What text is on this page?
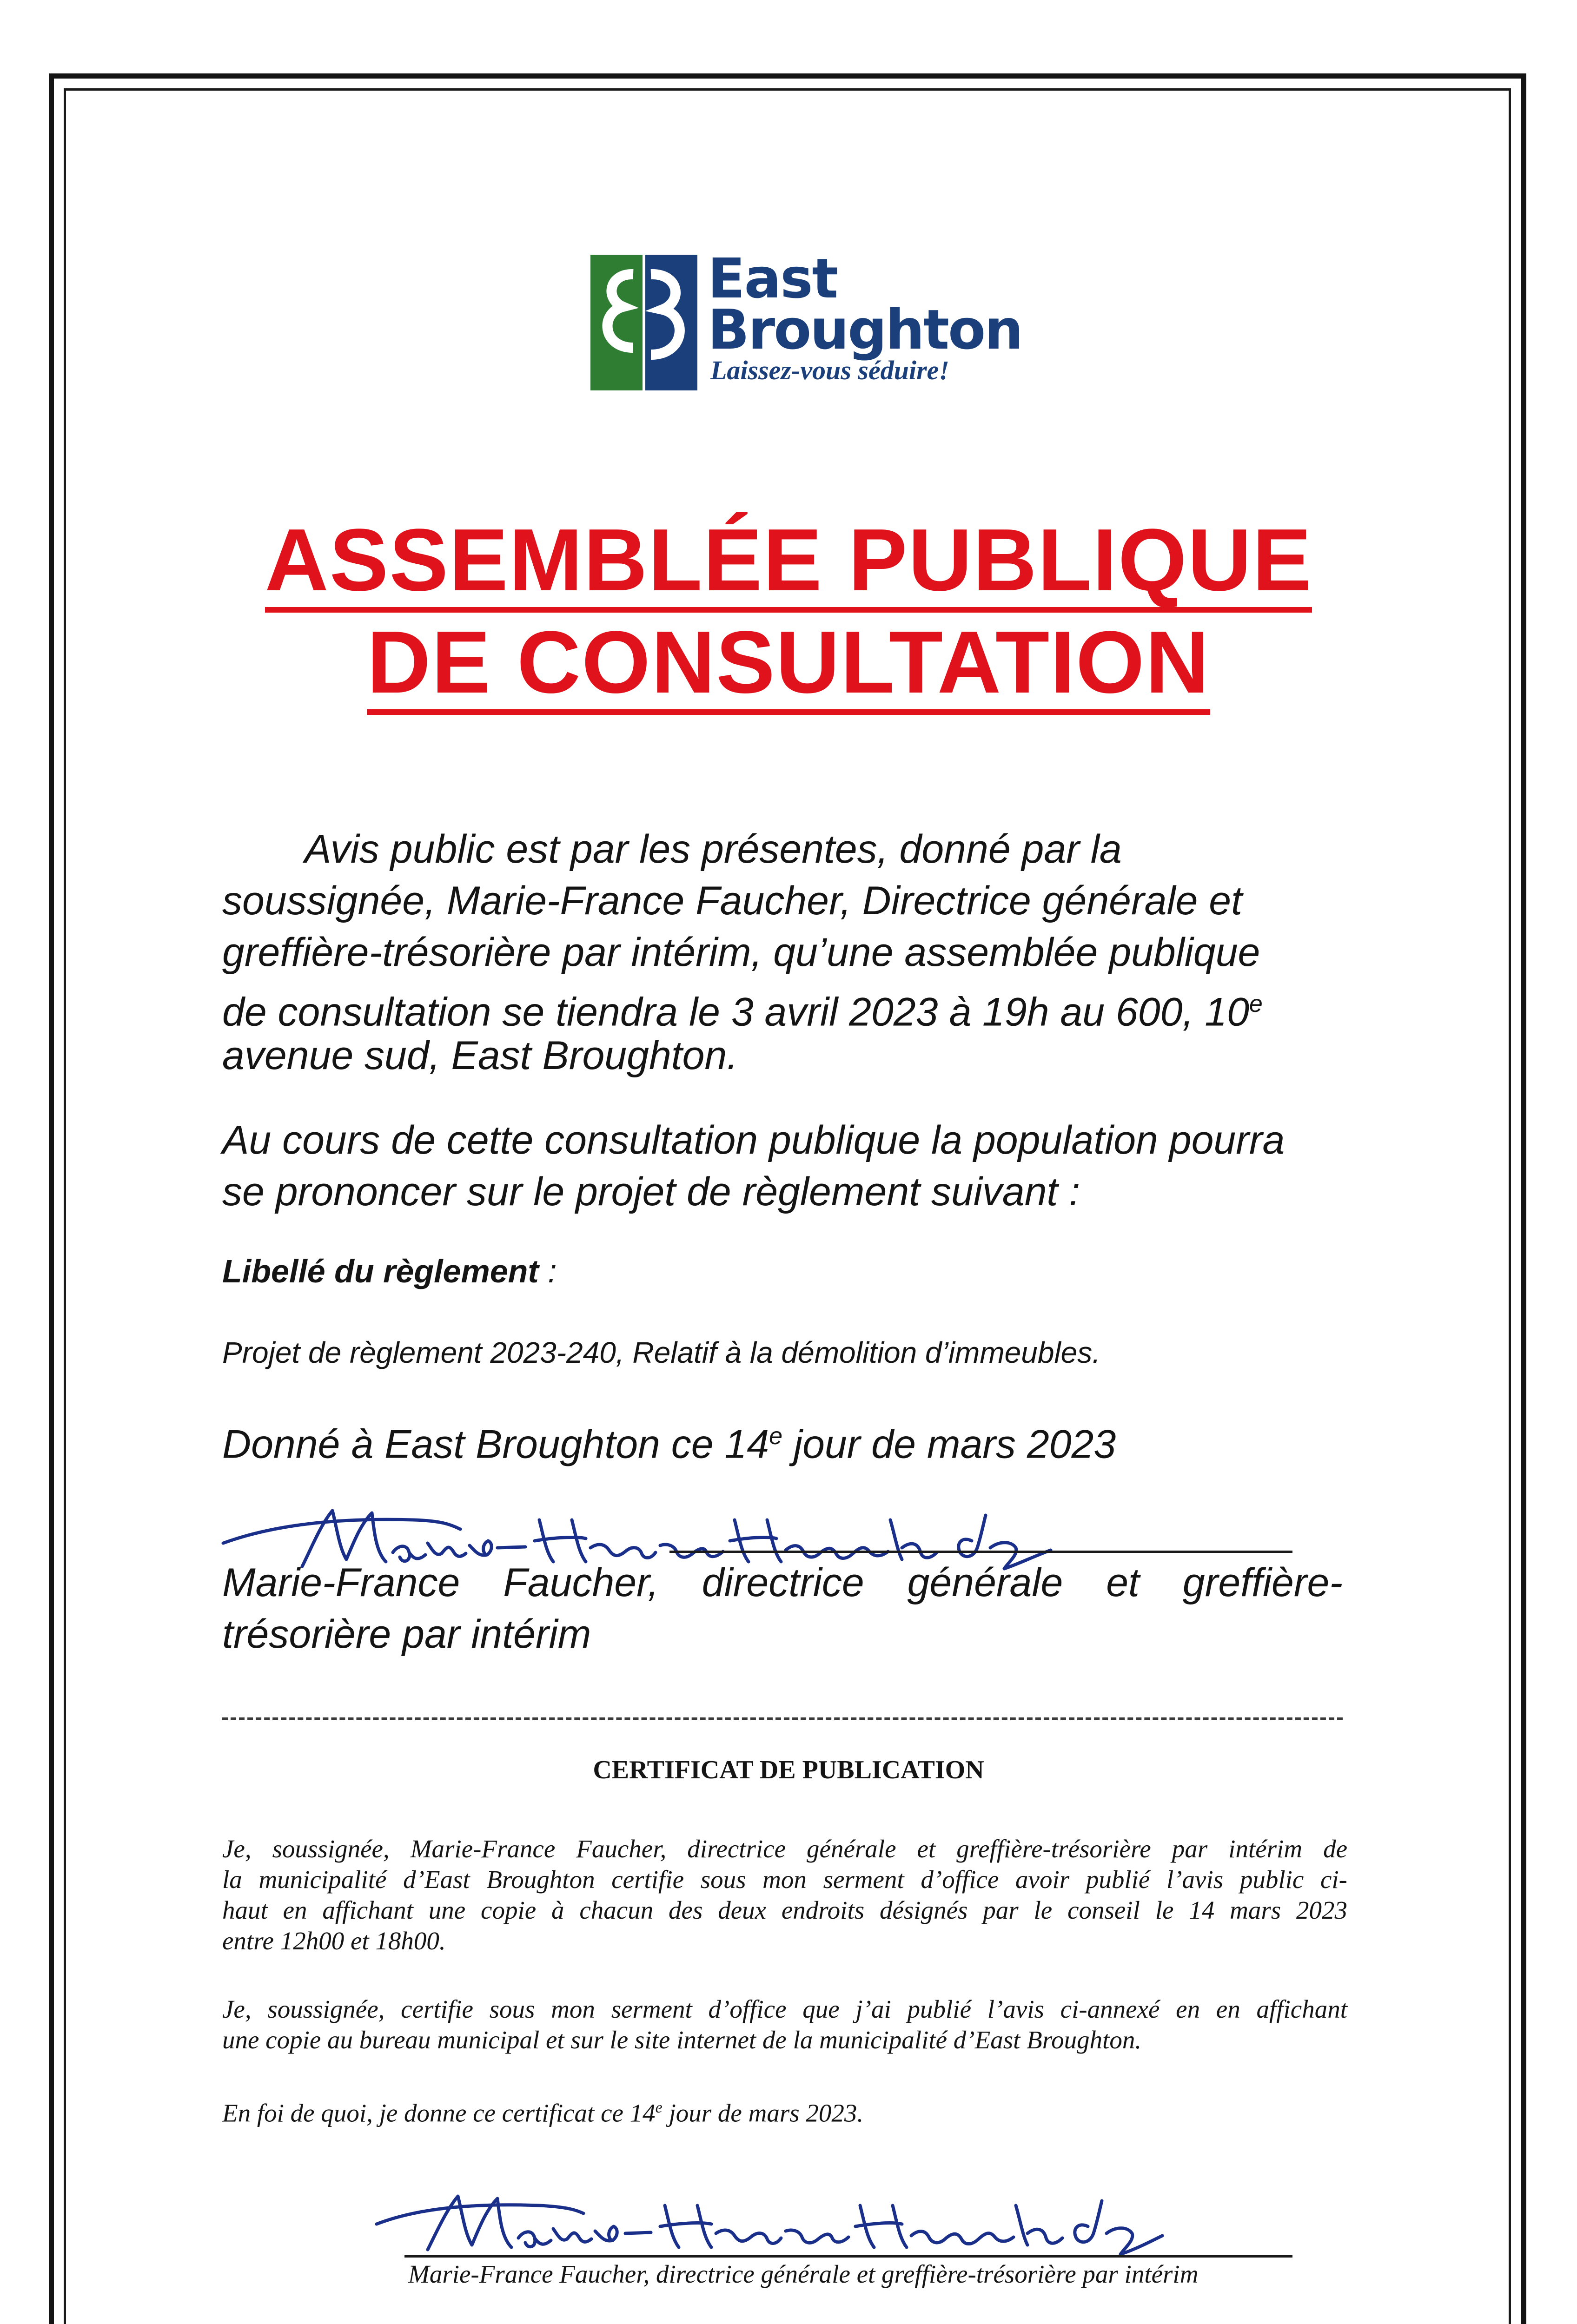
East
Broughton
Laissez-vous séduire!
ASSEMBLÉE PUBLIQUE
DE CONSULTATION
Avis public est par les présentes, donné par la
soussignée, Marie-France Faucher, Directrice générale et
greffière-trésorière par intérim, qu’une assemblée publique
de consultation se tiendra le 3 avril 2023 à 19h au 600, 10e
avenue sud, East Broughton.
Au cours de cette consultation publique la population pourra
se prononcer sur le projet de règlement suivant :
Libellé du règlement :
Projet de règlement 2023-240, Relatif à la démolition d’immeubles.
Donné à East Broughton ce 14e jour de mars 2023
Marie-France Faucher, directrice générale et greffière-
trésorière par intérim
CERTIFICAT DE PUBLICATION
Je, soussignée, Marie-France Faucher, directrice générale et greffière-trésorière par intérim de
la municipalité d’East Broughton certifie sous mon serment d’office avoir publié l’avis public ci-
haut en affichant une copie à chacun des deux endroits désignés par le conseil le 14 mars 2023
entre 12h00 et 18h00.
Je, soussignée, certifie sous mon serment d’office que j’ai publié l’avis ci-annexé en en affichant
une copie au bureau municipal et sur le site internet de la municipalité d’East Broughton.
En foi de quoi, je donne ce certificat ce 14e jour de mars 2023.
Marie-France Faucher, directrice générale et greffière-trésorière par intérim
